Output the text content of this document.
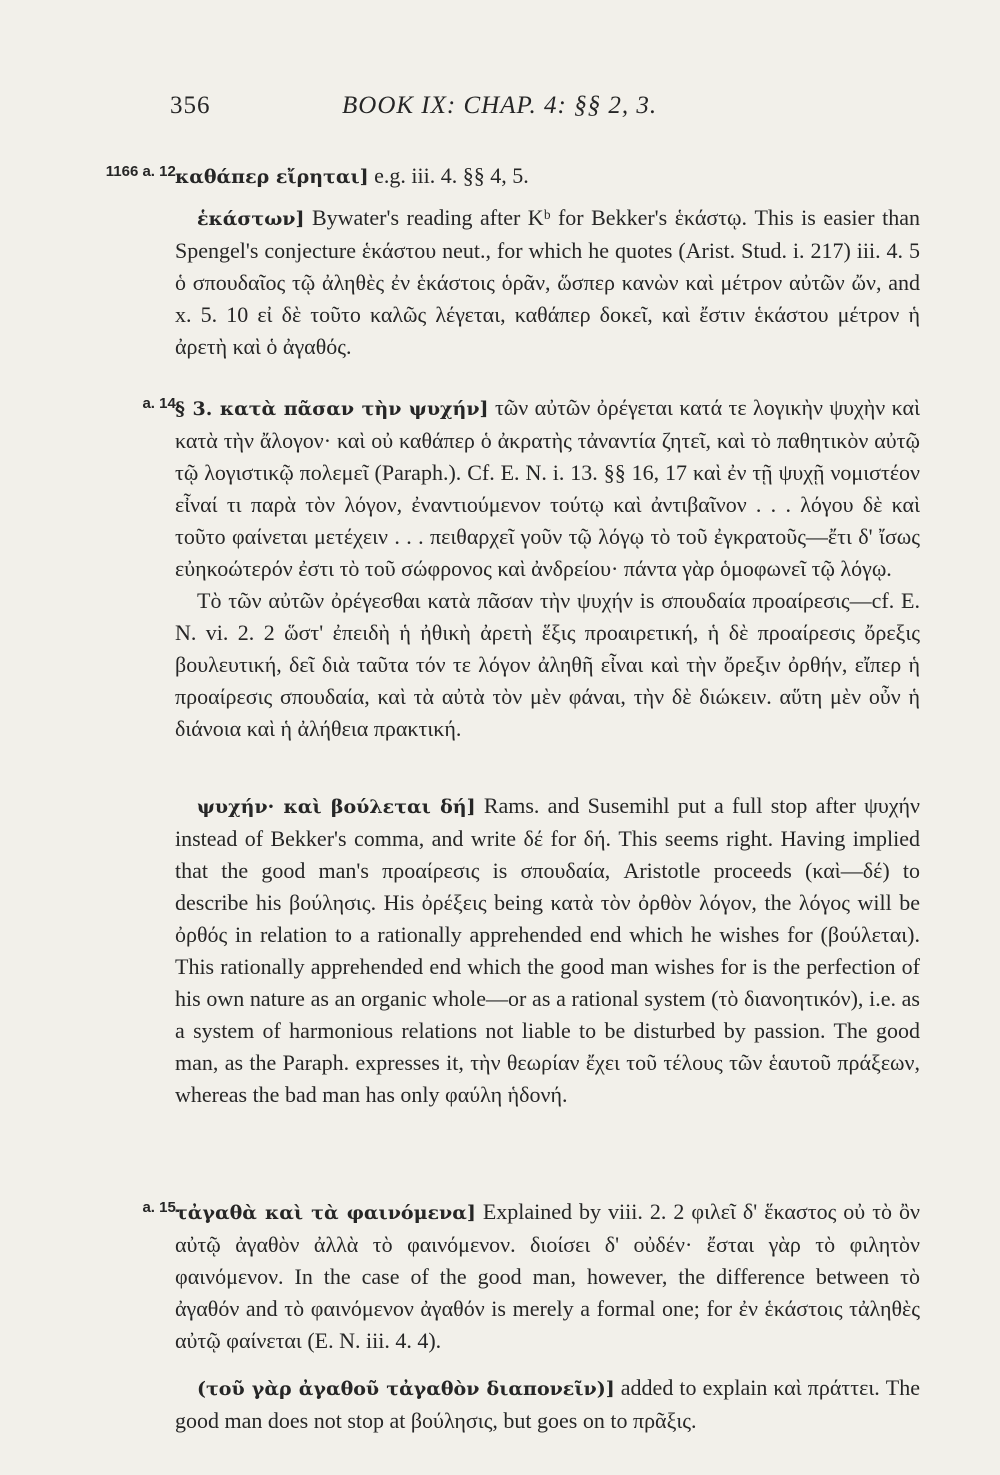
356	BOOK IX: CHAP. 4: §§ 2, 3.
1166 a. 12.

καθάπερ εἴρηται] e.g. iii. 4. §§ 4, 5.

ἑκάστων] Bywater's reading after Kᵇ for Bekker's ἑκάστῳ. This is easier than Spengel's conjecture ἑκάστου neut., for which he quotes (Arist. Stud. i. 217) iii. 4. 5 ὁ σπουδαῖος τῷ ἀληθὲς ἐν ἑκάστοις ὁρᾶν, ὥσπερ κανὼν καὶ μέτρον αὐτῶν ὤν, and x. 5. 10 εἰ δὲ τοῦτο καλῶς λέγεται, καθάπερ δοκεῖ, καὶ ἔστιν ἑκάστου μέτρον ἡ ἀρετὴ καὶ ὁ ἀγαθός.

a. 14.

§ 3. κατὰ πᾶσαν τὴν ψυχήν] τῶν αὐτῶν ὀρέγεται κατά τε λογικὴν ψυχὴν καὶ κατὰ τὴν ἄλογον· καὶ οὐ καθάπερ ὁ ἀκρατὴς τἀναντία ζητεῖ, καὶ τὸ παθητικὸν αὐτῷ τῷ λογιστικῷ πολεμεῖ (Paraph.). Cf. E. N. i. 13. §§ 16, 17 καὶ ἐν τῇ ψυχῇ νομιστέον εἶναί τι παρὰ τὸν λόγον, ἐναντιούμενον τούτῳ καὶ ἀντιβαῖνον . . . λόγου δὲ καὶ τοῦτο φαίνεται μετέχειν . . . πειθαρχεῖ γοῦν τῷ λόγῳ τὸ τοῦ ἐγκρατοῦς—ἔτι δ' ἴσως εὐηκοώτερόν ἐστι τὸ τοῦ σώφρονος καὶ ἀνδρείου· πάντα γὰρ ὁμοφωνεῖ τῷ λόγῳ.

Τὸ τῶν αὐτῶν ὀρέγεσθαι κατὰ πᾶσαν τὴν ψυχήν is σπουδαία προαίρεσις—cf. E. N. vi. 2. 2 ὥστ' ἐπειδὴ ἡ ἠθικὴ ἀρετὴ ἕξις προαιρετική, ἡ δὲ προαίρεσις ὄρεξις βουλευτική, δεῖ διὰ ταῦτα τόν τε λόγον ἀληθῆ εἶναι καὶ τὴν ὄρεξιν ὀρθήν, εἴπερ ἡ προαίρεσις σπουδαία, καὶ τὰ αὐτὰ τὸν μὲν φάναι, τὴν δὲ διώκειν. αὕτη μὲν οὖν ἡ διάνοια καὶ ἡ ἀλήθεια πρακτική.

ψυχήν· καὶ βούλεται δή] Rams. and Susemihl put a full stop after ψυχήν instead of Bekker's comma, and write δέ for δή. This seems right. Having implied that the good man's προαίρεσις is σπουδαία, Aristotle proceeds (καὶ—δέ) to describe his βούλησις. His ὀρέξεις being κατὰ τὸν ὀρθὸν λόγον, the λόγος will be ὀρθός in relation to a rationally apprehended end which he wishes for (βούλεται). This rationally apprehended end which the good man wishes for is the perfection of his own nature as an organic whole—or as a rational system (τὸ διανοητικόν), i.e. as a system of harmonious relations not liable to be disturbed by passion. The good man, as the Paraph. expresses it, τὴν θεωρίαν ἔχει τοῦ τέλους τῶν ἑαυτοῦ πράξεων, whereas the bad man has only φαύλη ἡδονή.

a. 15.

τἀγαθὰ καὶ τὰ φαινόμενα] Explained by viii. 2. 2 φιλεῖ δ' ἕκαστος οὐ τὸ ὂν αὐτῷ ἀγαθὸν ἀλλὰ τὸ φαινόμενον. διοίσει δ' οὐδέν· ἔσται γὰρ τὸ φιλητὸν φαινόμενον. In the case of the good man, however, the difference between τὸ ἀγαθόν and τὸ φαινόμενον ἀγαθόν is merely a formal one; for ἐν ἑκάστοις τἀληθὲς αὐτῷ φαίνεται (E. N. iii. 4. 4).

(τοῦ γὰρ ἀγαθοῦ τἀγαθὸν διαπονεῖν)] added to explain καὶ πράττει. The good man does not stop at βούλησις, but goes on to πρᾶξις.
